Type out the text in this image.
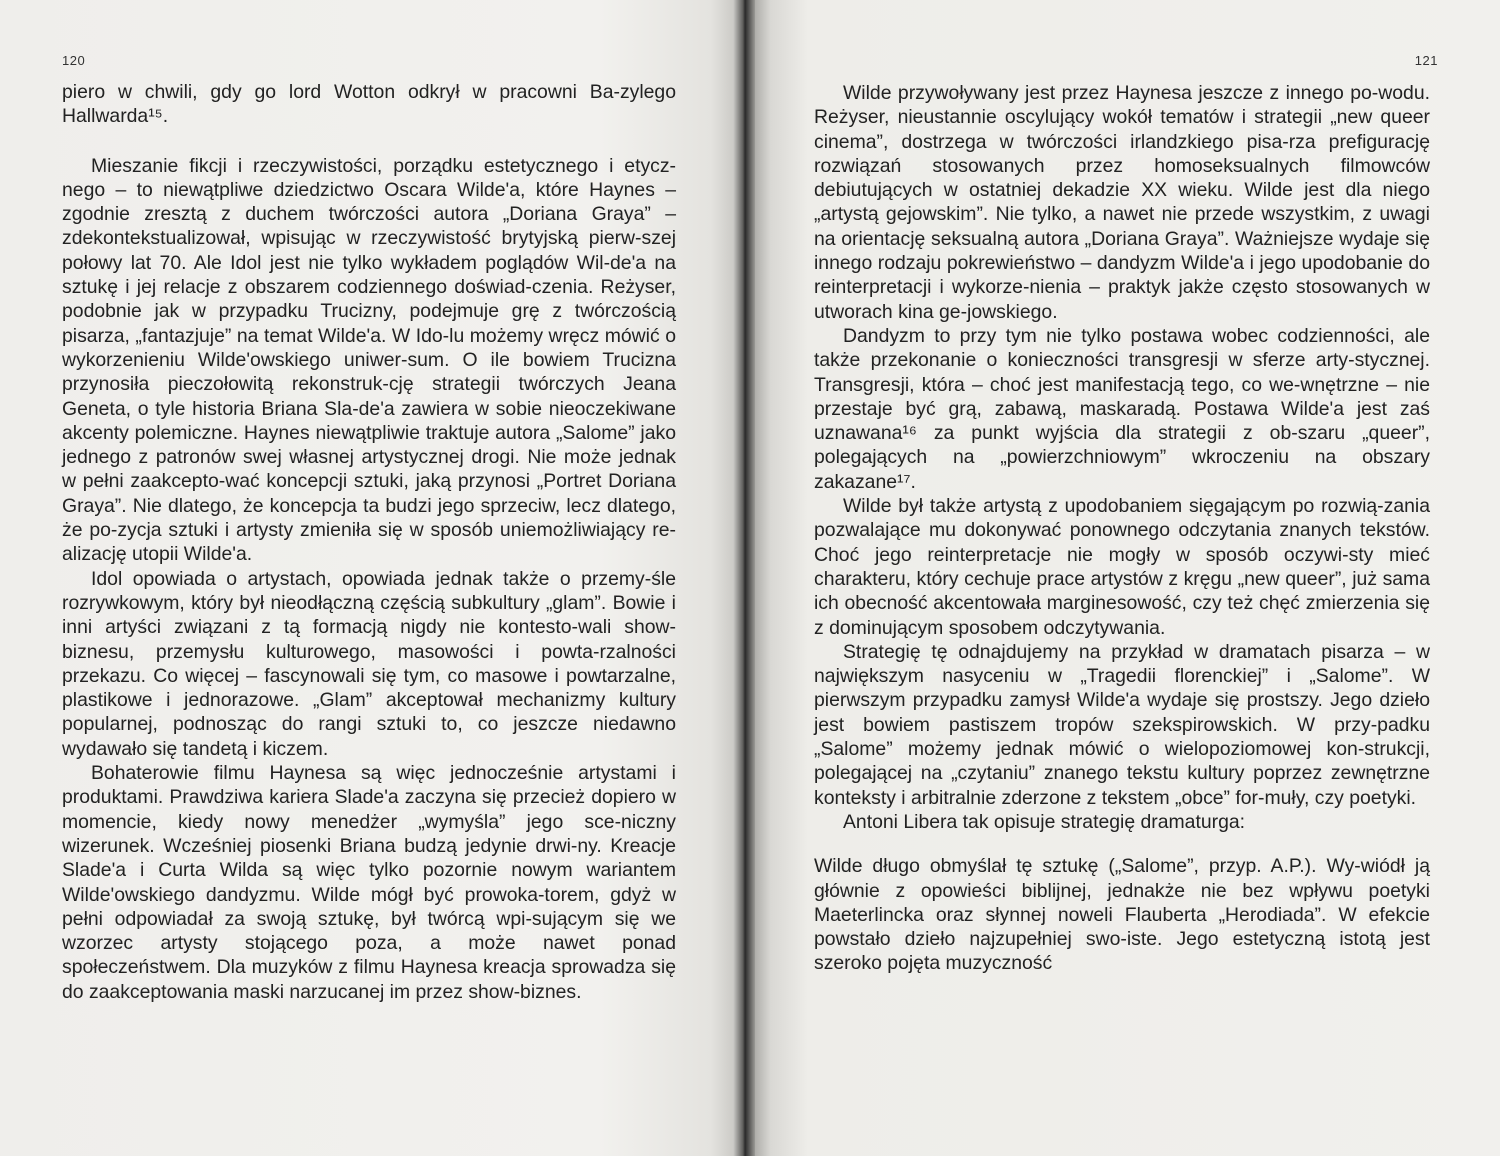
120

piero w chwili, gdy go lord Wotton odkrył w pracowni Ba-zylego Hallwarda¹⁵.

Mieszanie fikcji i rzeczywistości, porządku estetycznego i etycz-nego – to niewątpliwe dziedzictwo Oscara Wilde'a, które Haynes – zgodnie zresztą z duchem twórczości autora „Doriana Graya” – zdekontekstualizował, wpisując w rzeczywistość brytyjską pierw-szej połowy lat 70. Ale Idol jest nie tylko wykładem poglądów Wil-de'a na sztukę i jej relacje z obszarem codziennego doświad-czenia. Reżyser, podobnie jak w przypadku Trucizny, podejmuje grę z twórczością pisarza, „fantazjuje” na temat Wilde'a. W Ido-lu możemy wręcz mówić o wykorzenieniu Wilde'owskiego uniwer-sum. O ile bowiem Trucizna przynosiła pieczołowitą rekonstruk-cję strategii twórczych Jeana Geneta, o tyle historia Briana Sla-de'a zawiera w sobie nieoczekiwane akcenty polemiczne. Haynes niewątpliwie traktuje autora „Salome” jako jednego z patronów swej własnej artystycznej drogi. Nie może jednak w pełni zaakcepto-wać koncepcji sztuki, jaką przynosi „Portret Doriana Graya”. Nie dlatego, że koncepcja ta budzi jego sprzeciw, lecz dlatego, że po-zycja sztuki i artysty zmieniła się w sposób uniemożliwiający re-alizację utopii Wilde'a.

Idol opowiada o artystach, opowiada jednak także o przemy-śle rozrywkowym, który był nieodłączną częścią subkultury „glam”. Bowie i inni artyści związani z tą formacją nigdy nie kontesto-wali show-biznesu, przemysłu kulturowego, masowości i powta-rzalności przekazu. Co więcej – fascynowali się tym, co masowe i powtarzalne, plastikowe i jednorazowe. „Glam” akceptował mechanizmy kultury popularnej, podnosząc do rangi sztuki to, co jeszcze niedawno wydawało się tandetą i kiczem.

Bohaterowie filmu Haynesa są więc jednocześnie artystami i produktami. Prawdziwa kariera Slade'a zaczyna się przecież dopiero w momencie, kiedy nowy menedżer „wymyśla” jego sce-niczny wizerunek. Wcześniej piosenki Briana budzą jedynie drwi-ny. Kreacje Slade'a i Curta Wilda są więc tylko pozornie nowym wariantem Wilde'owskiego dandyzmu. Wilde mógł być prowoka-torem, gdyż w pełni odpowiadał za swoją sztukę, był twórcą wpi-sującym się we wzorzec artysty stojącego poza, a może nawet ponad społeczeństwem. Dla muzyków z filmu Haynesa kreacja sprowadza się do zaakceptowania maski narzucanej im przez show-biznes.

121

Wilde przywoływany jest przez Haynesa jeszcze z innego po-wodu. Reżyser, nieustannie oscylujący wokół tematów i strategii „new queer cinema”, dostrzega w twórczości irlandzkiego pisa-rza prefigurację rozwiązań stosowanych przez homoseksualnych filmowców debiutujących w ostatniej dekadzie XX wieku. Wilde jest dla niego „artystą gejowskim”. Nie tylko, a nawet nie przede wszystkim, z uwagi na orientację seksualną autora „Doriana Graya”. Ważniejsze wydaje się innego rodzaju pokrewieństwo – dandyzm Wilde'a i jego upodobanie do reinterpretacji i wykorze-nienia – praktyk jakże często stosowanych w utworach kina ge-jowskiego.

Dandyzm to przy tym nie tylko postawa wobec codzienności, ale także przekonanie o konieczności transgresji w sferze arty-stycznej. Transgresji, która – choć jest manifestacją tego, co we-wnętrzne – nie przestaje być grą, zabawą, maskaradą. Postawa Wilde'a jest zaś uznawana¹⁶ za punkt wyjścia dla strategii z ob-szaru „queer”, polegających na „powierzchniowym” wkroczeniu na obszary zakazane¹⁷.

Wilde był także artystą z upodobaniem sięgającym po rozwią-zania pozwalające mu dokonywać ponownego odczytania znanych tekstów. Choć jego reinterpretacje nie mogły w sposób oczywi-sty mieć charakteru, który cechuje prace artystów z kręgu „new queer”, już sama ich obecność akcentowała marginesowość, czy też chęć zmierzenia się z dominującym sposobem odczytywania.

Strategię tę odnajdujemy na przykład w dramatach pisarza – w największym nasyceniu w „Tragedii florenckiej” i „Salome”. W pierwszym przypadku zamysł Wilde'a wydaje się prostszy. Jego dzieło jest bowiem pastiszem tropów szekspirowskich. W przy-padku „Salome” możemy jednak mówić o wielopoziomowej kon-strukcji, polegającej na „czytaniu” znanego tekstu kultury poprzez zewnętrzne konteksty i arbitralnie zderzone z tekstem „obce” for-muły, czy poetyki.

Antoni Libera tak opisuje strategię dramaturga:

Wilde długo obmyślał tę sztukę („Salome”, przyp. A.P.). Wy-wiódł ją głównie z opowieści biblijnej, jednakże nie bez wpływu poetyki Maeterlincka oraz słynnej noweli Flauberta „Herodiada”. W efekcie powstało dzieło najzupełniej swo-iste. Jego estetyczną istotą jest szeroko pojęta muzyczność
